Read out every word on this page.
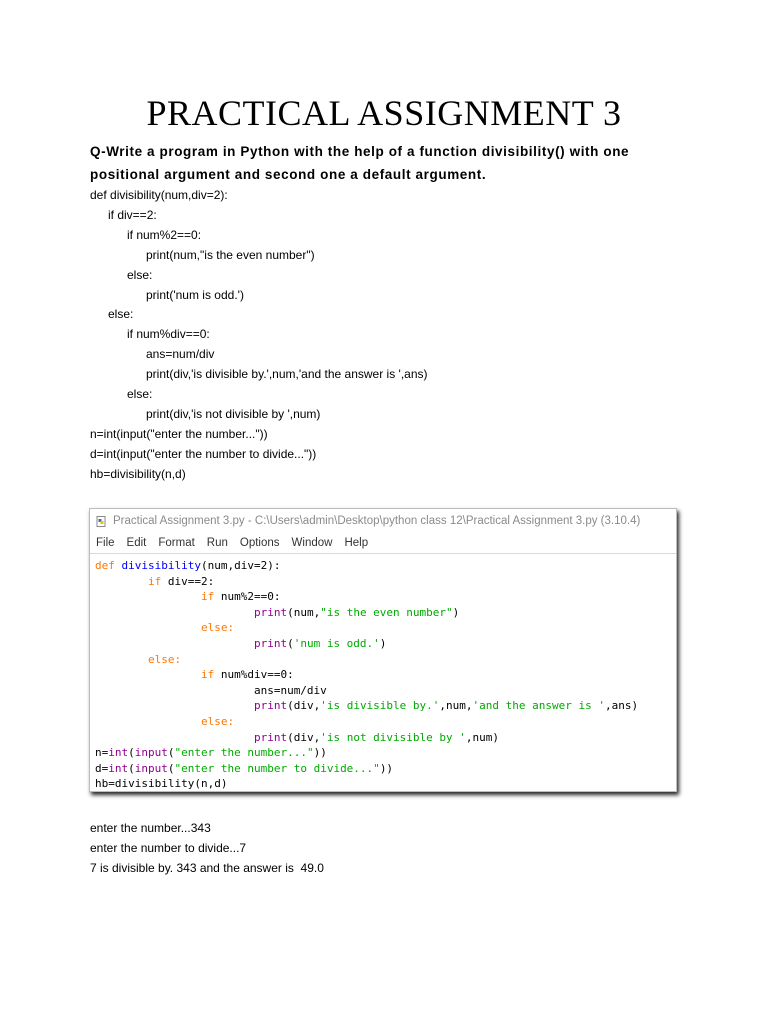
PRACTICAL ASSIGNMENT 3
Q-Write a program in Python with the help of a function divisibility() with one
positional argument and second one a default argument.
def divisibility(num,div=2):
if div==2:
if num%2==0:
print(num,"is the even number")
else:
print('num is odd.')
else:
if num%div==0:
ans=num/div
print(div,'is divisible by.',num,'and the answer is ',ans)
else:
print(div,'is not divisible by ',num)
n=int(input("enter the number..."))
d=int(input("enter the number to divide..."))
hb=divisibility(n,d)
Practical Assignment 3.py - C:\Users\admin\Desktop\python class 12\Practical Assignment 3.py (3.10.4)
File Edit Format Run Options Window Help
def divisibility(num,div=2):
if div==2:
if num%2==0:
print(num,"is the even number")
else:
print('num is odd.')
else:
if num%div==0:
ans=num/div
print(div,'is divisible by.',num,'and the answer is ',ans)
else:
print(div,'is not divisible by ',num)
n=int(input("enter the number..."))
d=int(input("enter the number to divide..."))
hb=divisibility(n,d)
enter the number...343
enter the number to divide...7
7 is divisible by. 343 and the answer is  49.0
